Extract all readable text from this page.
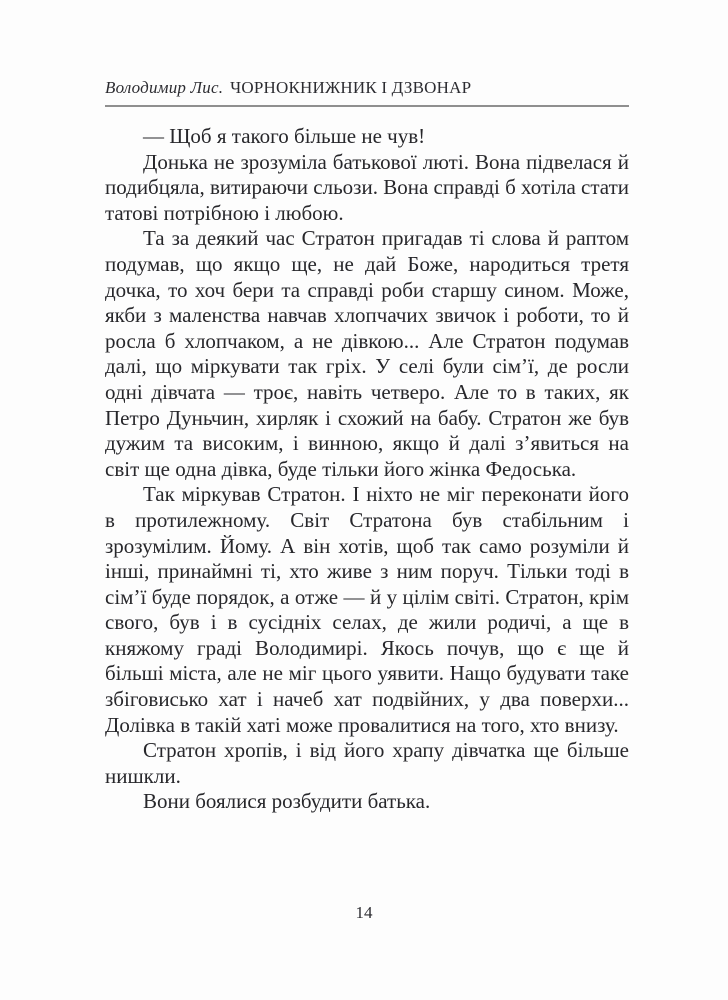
Володимир Лис. ЧОРНОКНИЖНИК І ДЗВОНАР

— Щоб я такого більше не чув!

Донька не зрозуміла батькової люті. Вона підвелася й подибцяла, витираючи сльози. Вона справді б хотіла стати татові потрібною і любою.

Та за деякий час Стратон пригадав ті слова й раптом подумав, що якщо ще, не дай Боже, народиться третя дочка, то хоч бери та справді роби старшу сином. Може, якби з маленства навчав хлопчачих звичок і роботи, то й росла б хлопчаком, а не дівкою... Але Стратон подумав далі, що міркувати так гріх. У селі були сім’ї, де росли одні дівчата — троє, навіть четверо. Але то в таких, як Петро Дуньчин, хирляк і схожий на бабу. Стратон же був дужим та високим, і винною, якщо й далі з’явиться на світ ще одна дівка, буде тільки його жінка Федоська.

Так міркував Стратон. І ніхто не міг переконати його в протилежному. Світ Стратона був стабільним і зрозумілим. Йому. А він хотів, щоб так само розуміли й інші, принаймні ті, хто живе з ним поруч. Тільки тоді в сім’ї буде порядок, а отже — й у цілім світі. Стратон, крім свого, був і в сусідніх селах, де жили родичі, а ще в княжому граді Володимирі. Якось почув, що є ще й більші міста, але не міг цього уявити. Нащо будувати таке збіговисько хат і начеб хат подвійних, у два поверхи... Долівка в такій хаті може провалитися на того, хто внизу.

Стратон хропів, і від його храпу дівчатка ще більше нишкли.

Вони боялися розбудити батька.

14
